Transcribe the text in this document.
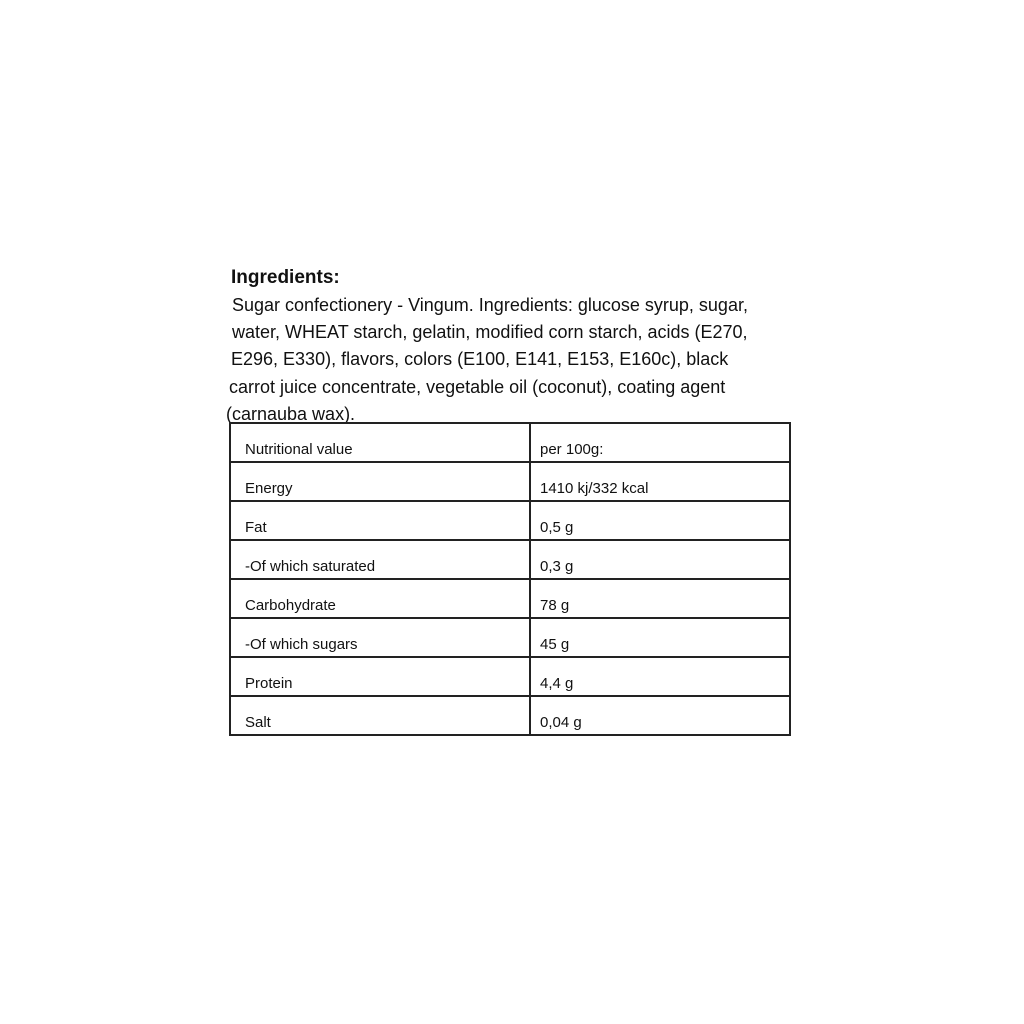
Ingredients:
Sugar confectionery - Vingum. Ingredients: glucose syrup, sugar,
water, WHEAT starch, gelatin, modified corn starch, acids (E270,
E296, E330), flavors, colors (E100, E141, E153, E160c), black
carrot juice concentrate, vegetable oil (coconut), coating agent
(carnauba wax).
Nutritional value	per 100g:

Energy	1410 kj/332 kcal

Fat	0,5 g

-Of which saturated	0,3 g

Carbohydrate	78 g

-Of which sugars	45 g

Protein	4,4 g

Salt	0,04 g
